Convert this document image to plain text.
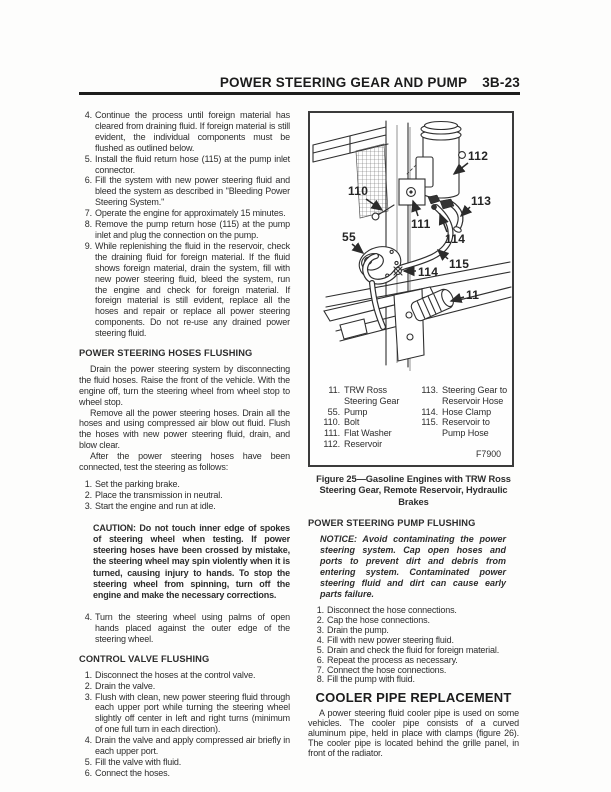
POWER STEERING GEAR AND PUMP 3B-23
4. Continue the process until foreign material has cleared from draining fluid. If foreign material is still evident, the individual components must be flushed as outlined below.
5. Install the fluid return hose (115) at the pump inlet connector.
6. Fill the system with new power steering fluid and bleed the system as described in "Bleeding Power Steering System."
7. Operate the engine for approximately 15 minutes.
8. Remove the pump return hose (115) at the pump inlet and plug the connection on the pump.
9. While replenishing the fluid in the reservoir, check the draining fluid for foreign material. If the fluid shows foreign material, drain the system, fill with new power steering fluid, bleed the system, run the engine and check for foreign material. If foreign material is still evident, replace all the hoses and repair or replace all power steering components. Do not re-use any drained power steering fluid.
POWER STEERING HOSES FLUSHING

Drain the power steering system by disconnecting the fluid hoses. Raise the front of the vehicle. With the engine off, turn the steering wheel from wheel stop to wheel stop.

Remove all the power steering hoses. Drain all the hoses and using compressed air blow out fluid. Flush the hoses with new power steering fluid, drain, and blow clear.

After the power steering hoses have been connected, test the steering as follows:

1. Set the parking brake.
2. Place the transmission in neutral.
3. Start the engine and run at idle.
CAUTION: Do not touch inner edge of spokes of steering wheel when testing. If power steering hoses have been crossed by mistake, the steering wheel may spin violently when it is turned, causing injury to hands. To stop the steering wheel from spinning, turn off the engine and make the necessary corrections.
4. Turn the steering wheel using palms of open hands placed against the outer edge of the steering wheel.
CONTROL VALVE FLUSHING
1. Disconnect the hoses at the control valve.
2. Drain the valve.
3. Flush with clean, new power steering fluid through each upper port while turning the steering wheel slightly off center in left and right turns (minimum of one full turn in each direction).
4. Drain the valve and apply compressed air briefly in each upper port.
5. Fill the valve with fluid.
6. Connect the hoses.
110
111
112
113
114
115
114
55
11
11. TRW Ross Steering Gear
55. Pump
110. Bolt
111. Flat Washer
112. Reservoir
113. Steering Gear to Reservoir Hose
114. Hose Clamp
115. Reservoir to Pump Hose
F7900
Figure 25—Gasoline Engines with TRW Ross Steering Gear, Remote Reservoir, Hydraulic Brakes
POWER STEERING PUMP FLUSHING
NOTICE: Avoid contaminating the power steering system. Cap open hoses and ports to prevent dirt and debris from entering system. Contaminated power steering fluid and dirt can cause early parts failure.
1. Disconnect the hose connections.
2. Cap the hose connections.
3. Drain the pump.
4. Fill with new power steering fluid.
5. Drain and check the fluid for foreign material.
6. Repeat the process as necessary.
7. Connect the hose connections.
8. Fill the pump with fluid.
COOLER PIPE REPLACEMENT

A power steering fluid cooler pipe is used on some vehicles. The cooler pipe consists of a curved aluminum pipe, held in place with clamps (figure 26). The cooler pipe is located behind the grille panel, in front of the radiator.
